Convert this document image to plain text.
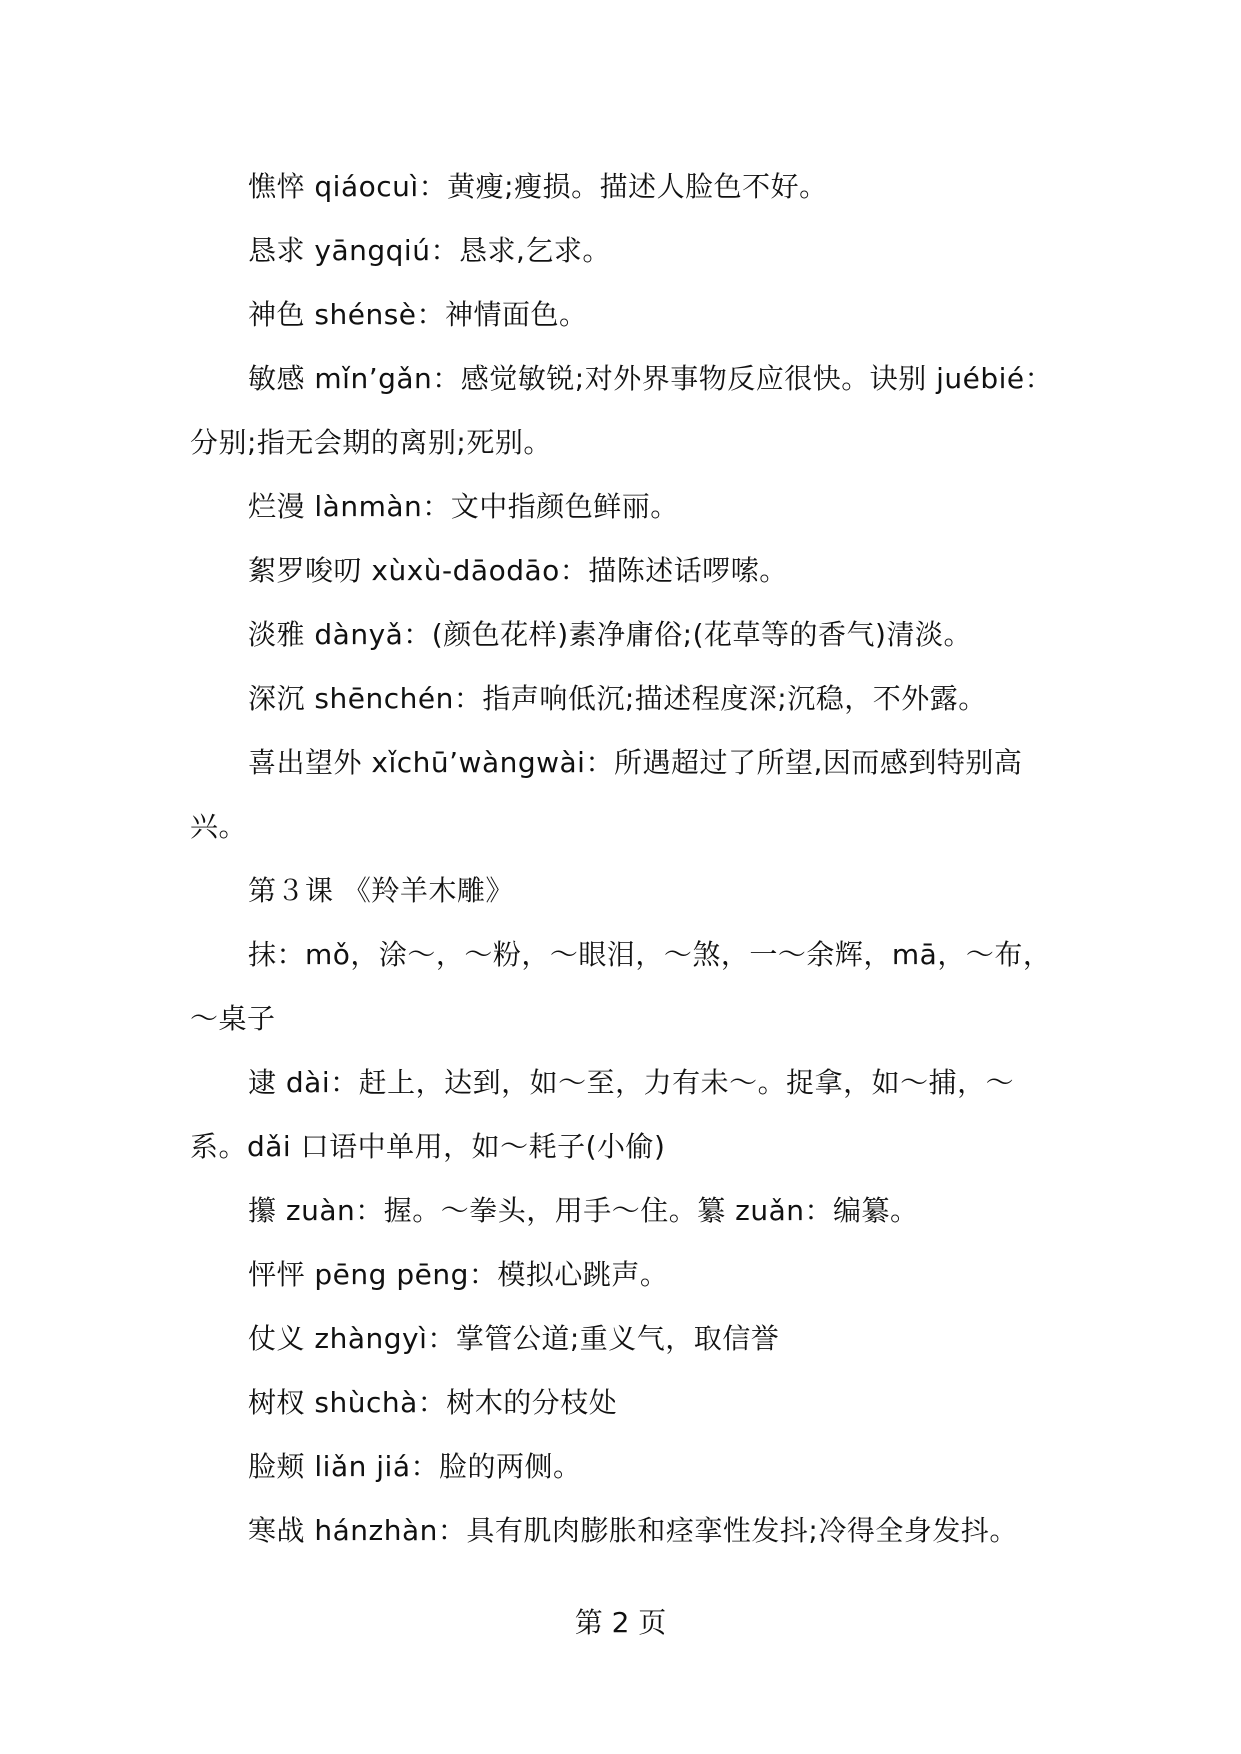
憔悴 qiáocuì：黄瘦;瘦损。描述人脸色不好。

恳求 yāngqiú：恳求,乞求。

神色 shénsè：神情面色。

敏感 mǐn’gǎn：感觉敏锐;对外界事物反应很快。诀别 juébié：分别;指无会期的离别;死别。

烂漫 lànmàn：文中指颜色鲜丽。

絮罗唆叨 xùxù-dāodāo：描陈述话啰嗦。

淡雅 dànyǎ：(颜色花样)素净庸俗;(花草等的香气)清淡。

深沉 shēnchén：指声响低沉;描述程度深;沉稳，不外露。

喜出望外 xǐchū’wàngwài：所遇超过了所望,因而感到特别高兴。

第３课 《羚羊木雕》

抹：mǒ，涂～，～粉，～眼泪，～煞，一～余辉，mā，～布，～桌子

逮 dài：赶上，达到，如～至，力有未～。捉拿，如～捕，～系。dǎi 口语中单用，如～耗子(小偷)

攥 zuàn：握。～拳头，用手～住。纂 zuǎn：编纂。

怦怦 pēng pēng：模拟心跳声。

仗义 zhàngyì：掌管公道;重义气，取信誉

树杈 shùchà：树木的分枝处

脸颊 liǎn jiá：脸的两侧。

寒战 hánzhàn：具有肌肉膨胀和痉挛性发抖;冷得全身发抖。

第 2 页
